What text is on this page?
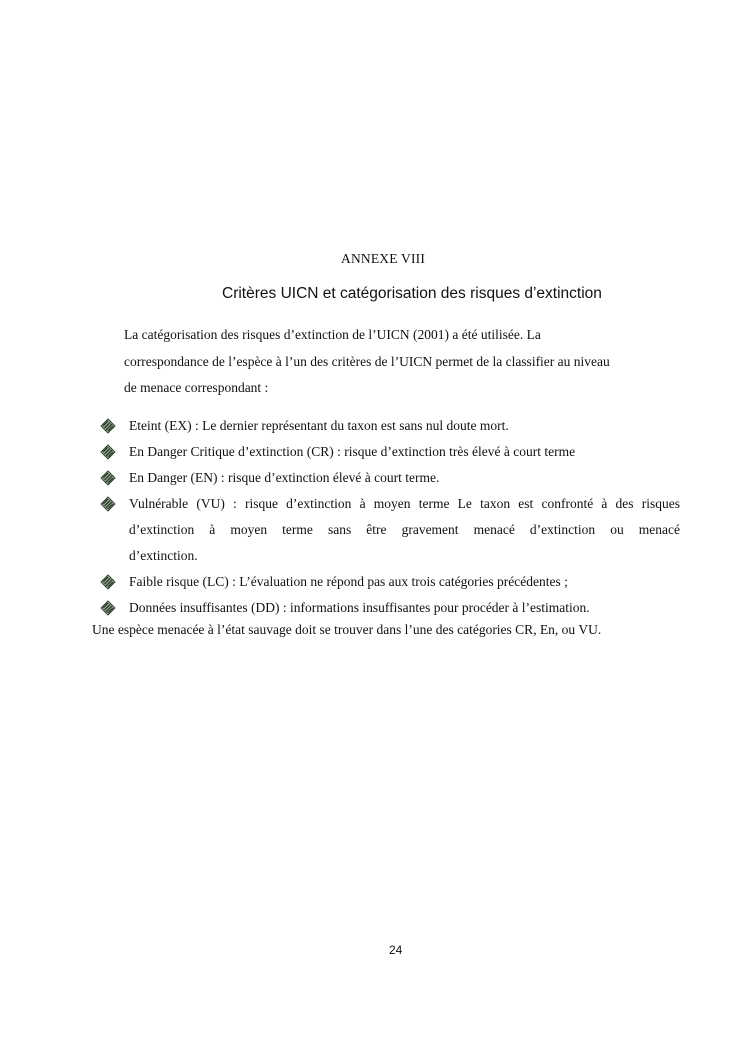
ANNEXE VIII
Critères UICN et catégorisation des risques d’extinction
La catégorisation des risques d’extinction de l’UICN (2001) a été utilisée. La
correspondance de l’espèce à l’un des critères de l’UICN permet de la classifier au niveau
de menace correspondant :
Eteint (EX) : Le dernier représentant du taxon est sans nul doute mort.
En Danger Critique d’extinction (CR) : risque d’extinction très élevé à court terme
En Danger (EN) : risque d’extinction élevé à court terme.
Vulnérable (VU) : risque d’extinction à moyen terme Le taxon est confronté à des risques
d’extinction à moyen terme sans être gravement menacé d’extinction ou menacé
d’extinction.
Faible risque (LC) : L’évaluation ne répond pas aux trois catégories précédentes ;
Données insuffisantes (DD) : informations insuffisantes pour procéder à l’estimation.
Une espèce menacée à l’état sauvage doit se trouver dans l’une des catégories CR, En, ou VU.
24
